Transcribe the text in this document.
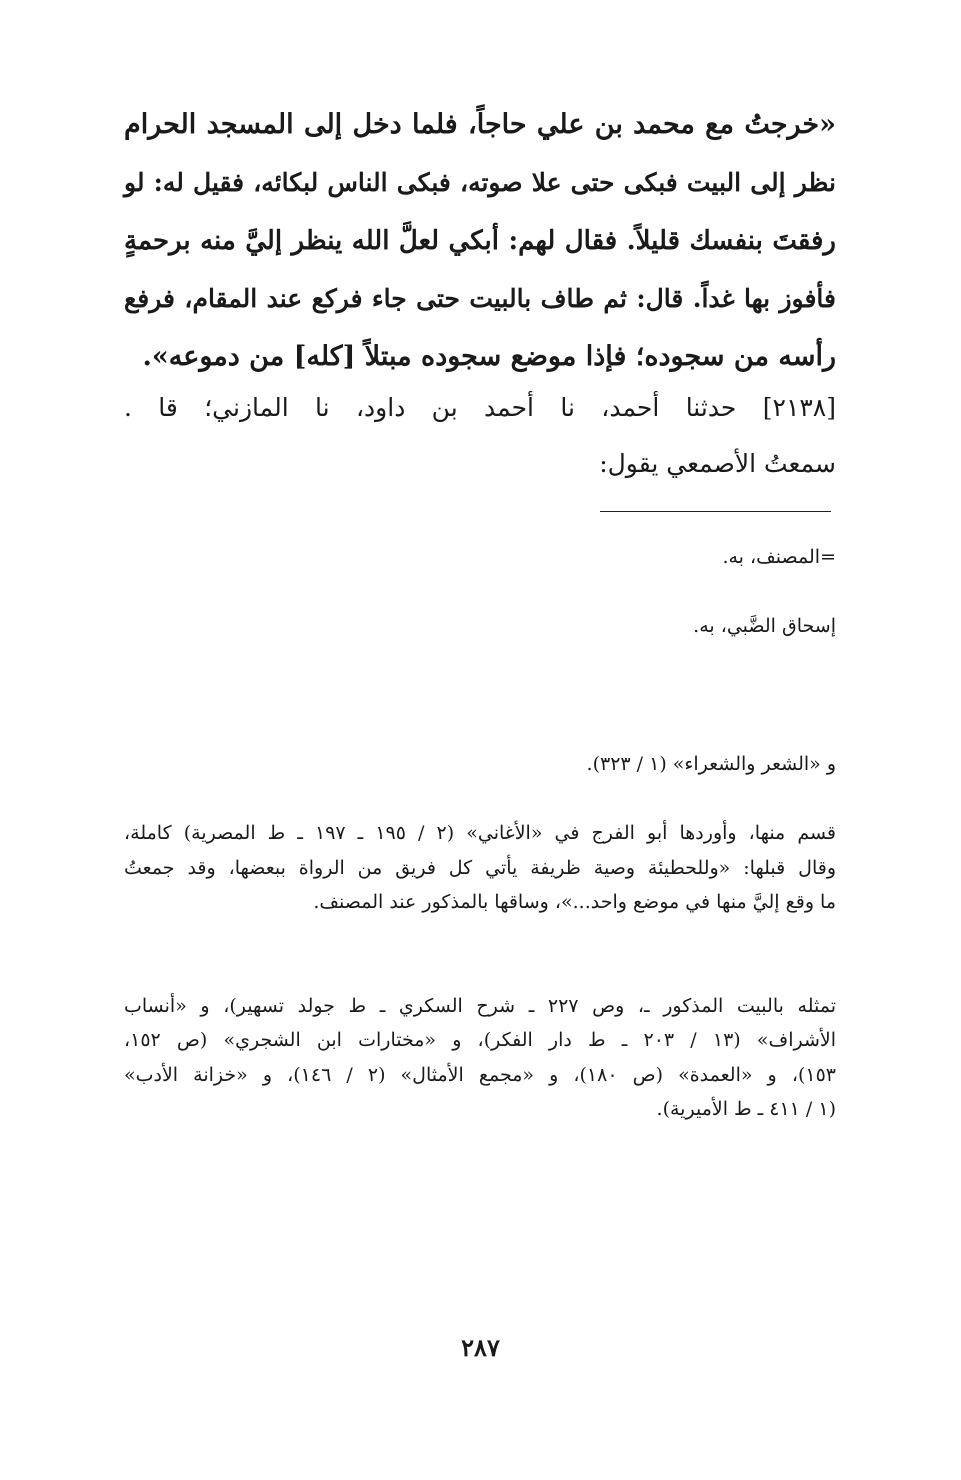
«خرجتُ مع محمد بن علي حاجاً، فلما دخل إلى المسجد الحرام
نظر إلى البيت فبكى حتى علا صوته، فبكى الناس لبكائه، فقيل له: لو
رفقتَ بنفسك قليلاً. فقال لهم: أبكي لعلَّ الله ينظر إليَّ منه برحمةٍ
فأفوز بها غداً. قال: ثم طاف بالبيت حتى جاء فركع عند المقام، فرفع
رأسه من سجوده؛ فإذا موضع سجوده مبتلاً [كله] من دموعه».
[٢١٣٨] حدثنا أحمد، نا أحمد بن داود، نا المازني؛ قا .
سمعتُ الأصمعي يقول:
=المصنف، به.
إسحاق الضَّبي، به.
و «الشعر والشعراء» (١ / ٣٢٣).
قسم منها، وأوردها أبو الفرج في «الأغاني» (٢ / ١٩٥ ـ ١٩٧ ـ ط المصرية) كاملة،
وقال قبلها: «وللحطيئة وصية ظريفة يأتي كل فريق من الرواة ببعضها، وقد جمعتُ
ما وقع إليَّ منها في موضع واحد...»، وساقها بالمذكور عند المصنف.
تمثله بالبيت المذكور ـ، وص ٢٢٧ ـ شرح السكري ـ ط جولد تسهير)، و «أنساب
الأشراف» (١٣ / ٢٠٣ ـ ط دار الفكر)، و «مختارات ابن الشجري» (ص ١٥٢،
١٥٣)، و «العمدة» (ص ١٨٠)، و «مجمع الأمثال» (٢ / ١٤٦)، و «خزانة الأدب»
(١ / ٤١١ ـ ط الأميرية).
٢٨٧
